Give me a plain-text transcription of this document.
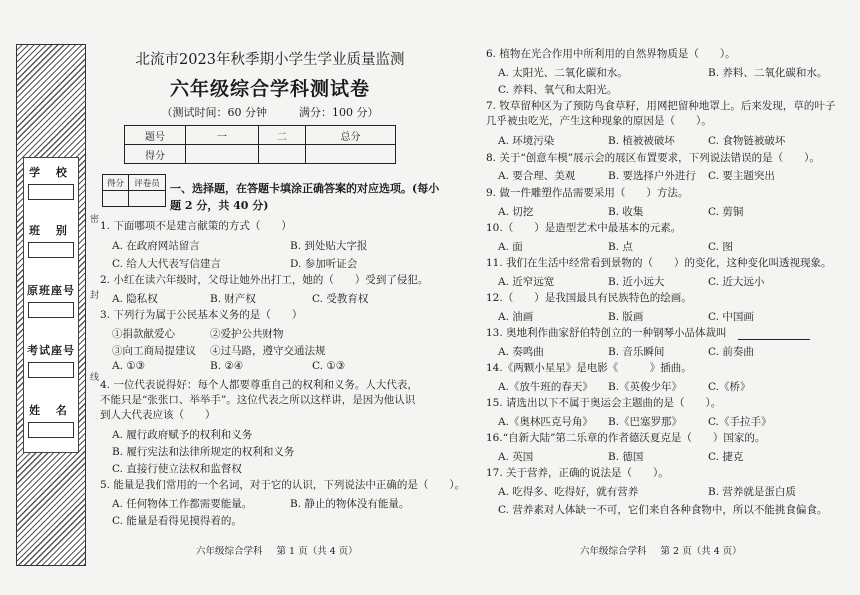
学 校
班 别
原班座号
考试座号
姓 名
密
封
线
北流市2023年秋季期小学生学业质量监测
六年级综合学科测试卷
（测试时间：60 分钟	满分：100 分）
题号	一	二	总分
得分			
得分	评卷员
	一、选择题，在答题卡填涂正确答案的对应选项。(每小题 2 分，共 40 分)
1. 下面哪项不是建言献策的方式（　　）
A. 在政府网站留言	B. 到处贴大字报
C. 给人大代表写信建言	D. 参加听证会
2. 小红在读六年级时，父母让她外出打工，她的（　　）受到了侵犯。
A. 隐私权	B. 财产权	C. 受教育权
3. 下列行为属于公民基本义务的是（　　）
①捐款献爱心	②爱护公共财物
③向工商局提建议 ④过马路，遵守交通法规
A. ①③	B. ②④	C. ①③
4. 一位代表说得好：每个人都要尊重自己的权利和义务。人大代表，不能只是“张张口、举举手”。这位代表之所以这样讲，是因为他认识到人大代表应该（　　）
A. 履行政府赋予的权利和义务
B. 履行宪法和法律所规定的权利和义务
C. 直接行使立法权和监督权
5. 能量是我们常用的一个名词，对于它的认识，下列说法中正确的是（　　）。
A. 任何物体工作都需要能量。	B. 静止的物体没有能量。
C. 能量是看得见摸得着的。
六年级综合学科 第 1 页（共 4 页）
6. 植物在光合作用中所利用的自然界物质是（　　）。
A. 太阳光、二氧化碳和水。	B. 养料、二氧化碳和水。
C. 养料、氧气和太阳光。
7. 牧草留种区为了预防鸟食草籽，用网把留种地罩上。后来发现，草的叶子几乎被虫吃光，产生这种现象的原因是（　　）。
A. 环境污染	B. 植被被破坏	C. 食物链被破坏
8. 关于“创意车模”展示会的展区布置要求，下列说法错误的是（　　）。
A. 要合理、美观	B. 要选择户外进行 C. 要主题突出
9. 做一件雕塑作品需要采用（　　）方法。
A. 切挖	B. 收集	C. 剪铜
10.（　　）是造型艺术中最基本的元素。
A. 面	B. 点	C. 图
11. 我们在生活中经常看到景物的（　　）的变化，这种变化叫透视现象。
A. 近窄远宽	B. 近小远大	C. 近大远小
12.（　　）是我国最具有民族特色的绘画。
A. 油画	B. 版画	C. 中国画
13. 奥地利作曲家舒伯特创立的一种钢琴小品体裁叫
A. 奏鸣曲	B. 音乐瞬间	C. 前奏曲
14.《两颗小星星》是电影《　　　》插曲。
A.《放牛班的春天》 B.《英俊少年》 C.《桥》
15. 请选出以下不属于奥运会主题曲的是（　　）。
A.《奥林匹克号角》 B.《巴塞罗那》 C.《手拉手》
16.“自新大陆”第二乐章的作者德沃夏克是（　　）国家的。
A. 英国	B. 德国	C. 捷克
17. 关于营养，正确的说法是（　　）。
A. 吃得多、吃得好，就有营养	B. 营养就是蛋白质
C. 营养素对人体缺一不可，它们来自各种食物中，所以不能挑食偏食。
六年级综合学科 第 2 页（共 4 页）
